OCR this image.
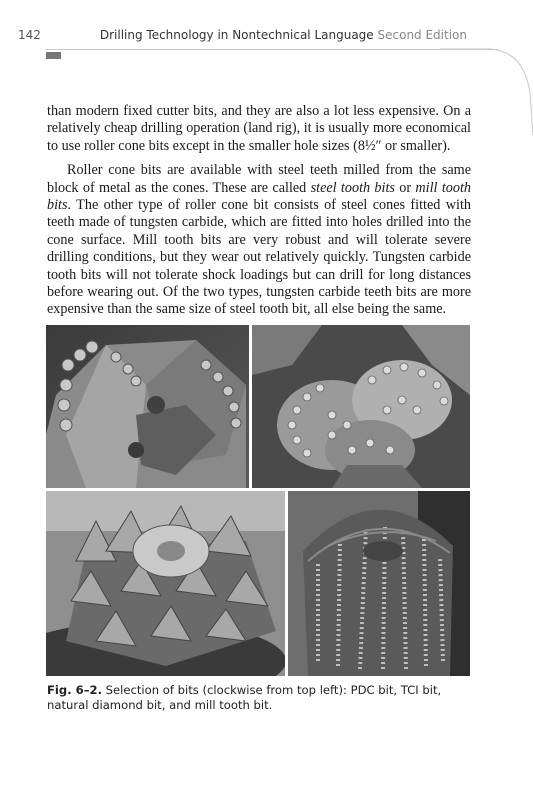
142	Drilling Technology in Nontechnical Language Second Edition

than modern fixed cutter bits, and they are also a lot less expensive. On a relatively cheap drilling operation (land rig), it is usually more economical to use roller cone bits except in the smaller hole sizes (8½″ or smaller).

Roller cone bits are available with steel teeth milled from the same block of metal as the cones. These are called steel tooth bits or mill tooth bits. The other type of roller cone bit consists of steel cones fitted with teeth made of tungsten carbide, which are fitted into holes drilled into the cone surface. Mill tooth bits are very robust and will tolerate severe drilling conditions, but they wear out relatively quickly. Tungsten carbide tooth bits will not tolerate shock loadings but can drill for long distances before wearing out. Of the two types, tungsten carbide teeth bits are more expensive than the same size of steel tooth bit, all else being the same.

Fig. 6–2. Selection of bits (clockwise from top left): PDC bit, TCI bit, natural diamond bit, and mill tooth bit.
